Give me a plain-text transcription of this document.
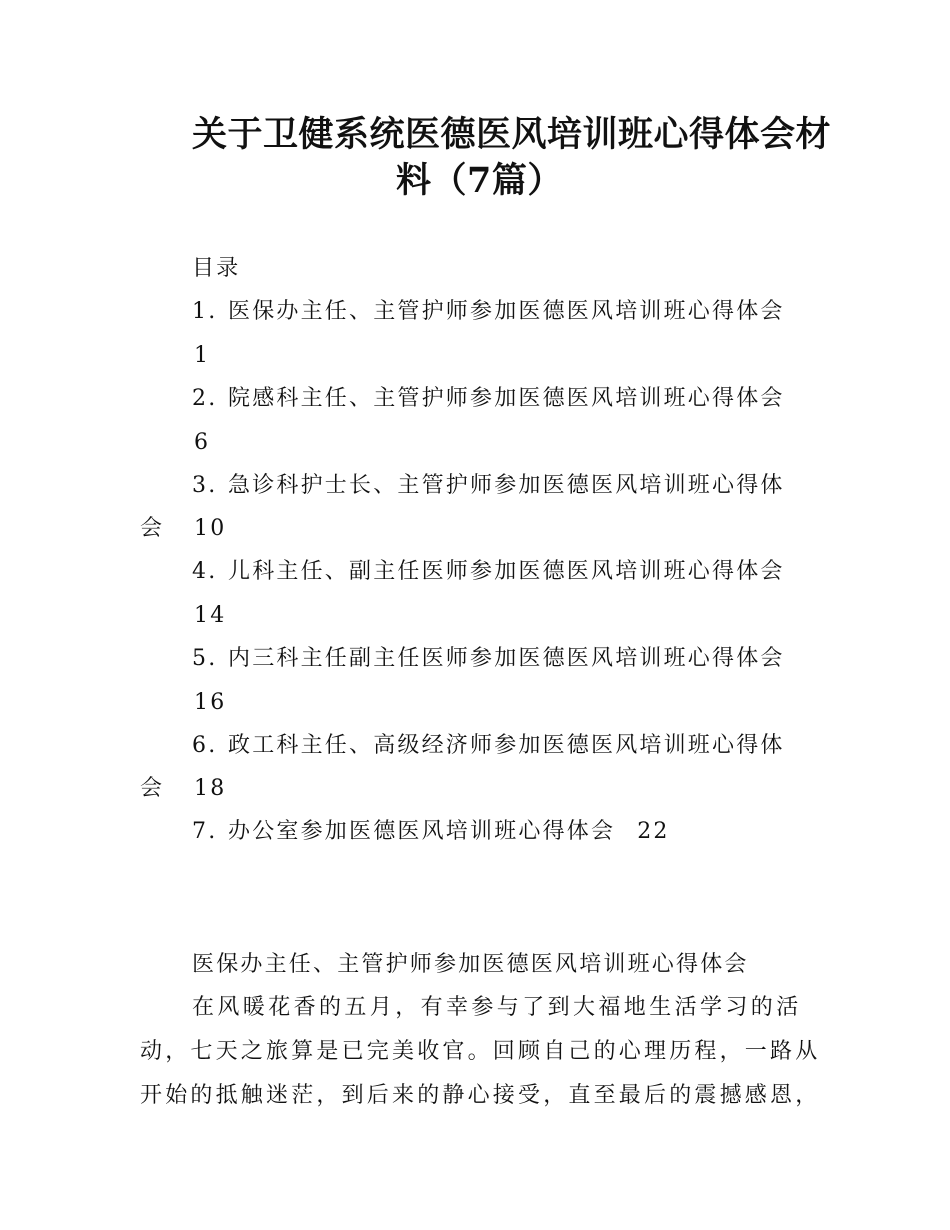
关于卫健系统医德医风培训班心得体会材
料（7篇）
目录
1. 医保办主任、主管护师参加医德医风培训班心得体会
1
2. 院感科主任、主管护师参加医德医风培训班心得体会
6
3. 急诊科护士长、主管护师参加医德医风培训班心得体
会 10
4. 儿科主任、副主任医师参加医德医风培训班心得体会
14
5. 内三科主任副主任医师参加医德医风培训班心得体会
16
6. 政工科主任、高级经济师参加医德医风培训班心得体
会 18
7. 办公室参加医德医风培训班心得体会 22
医保办主任、主管护师参加医德医风培训班心得体会
在风暖花香的五月，有幸参与了到大福地生活学习的活
动，七天之旅算是已完美收官。回顾自己的心理历程，一路从
开始的抵触迷茫，到后来的静心接受，直至最后的震撼感恩，
